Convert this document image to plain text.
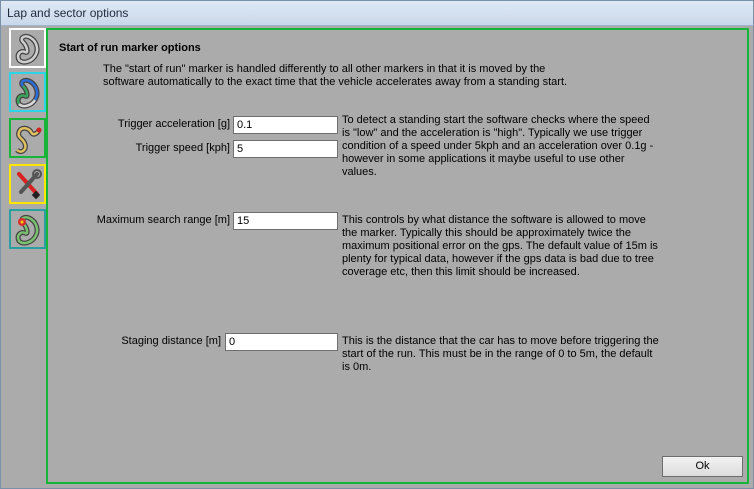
Lap and sector options
Start of run marker options
The "start of run" marker is handled differently to all other markers in that it is moved by the software automatically to the exact time that the vehicle accelerates away from a standing start.
Trigger acceleration [g] 0.1
Trigger speed [kph] 5
To detect a standing start the software checks where the speed is "low" and the acceleration is "high". Typically we use trigger condition of a speed under 5kph and an acceleration over 0.1g - however in some applications it maybe useful to use other values.
Maximum search range [m] 15	This controls by what distance the software is allowed to move the marker. Typically this should be approximately twice the maximum positional error on the gps. The default value of 15m is plenty for typical data, however if the gps data is bad due to tree coverage etc, then this limit should be increased.
Staging distance [m] 0	This is the distance that the car has to move before triggering the start of the run. This must be in the range of 0 to 5m, the default is 0m.
Ok
